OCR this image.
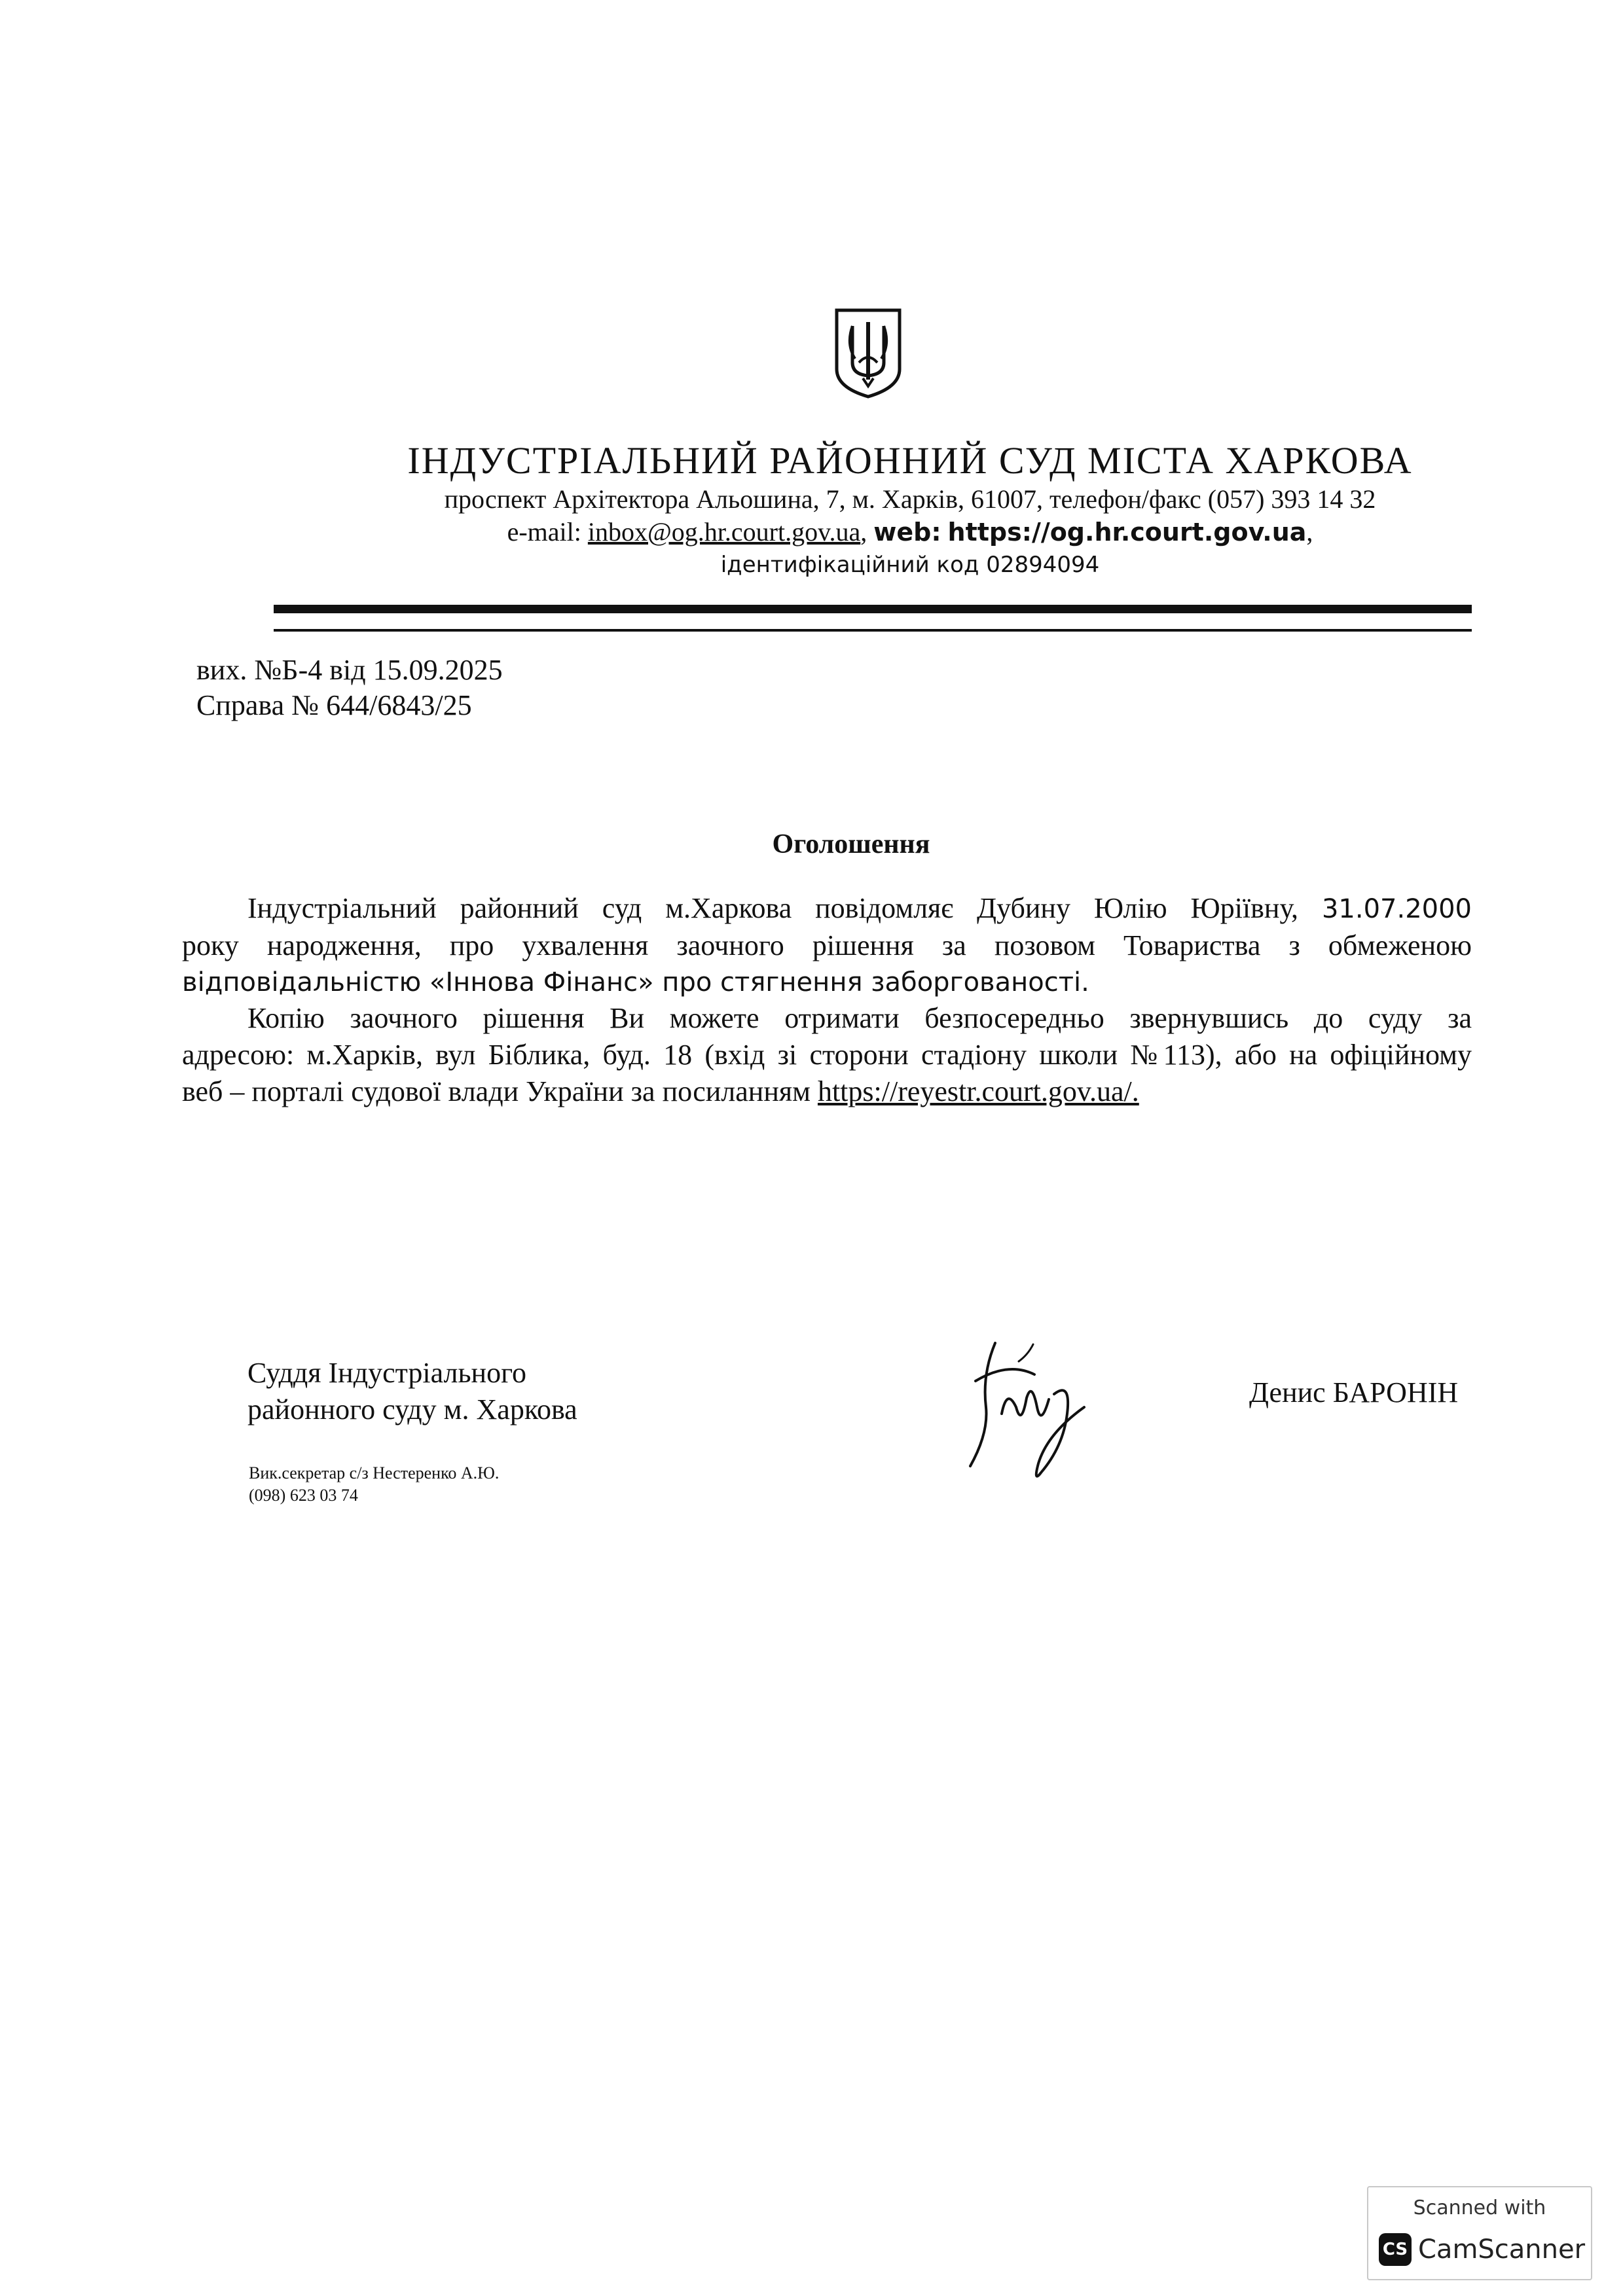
ІНДУСТРІАЛЬНИЙ РАЙОННИЙ СУД МІСТА ХАРКОВА
проспект Архітектора Альошина, 7, м. Харків, 61007, телефон/факс (057) 393 14 32
e-mail: inbox@og.hr.court.gov.ua, web: https://og.hr.court.gov.ua,
ідентифікаційний код 02894094
вих. №Б-4 від 15.09.2025
Справа № 644/6843/25
Оголошення
Індустріальний районний суд м.Харкова повідомляє Дубину Юлію Юріївну, 31.07.2000
року народження, про ухвалення заочного рішення за позовом Товариства з обмеженою
відповідальністю «Іннова Фінанс» про стягнення заборгованості.
Копію заочного рішення Ви можете отримати безпосередньо звернувшись до суду за
адресою: м.Харків, вул Біблика, буд. 18 (вхід зі сторони стадіону школи №113), або на офіційному
веб – порталі судової влади України за посиланням https://reyestr.court.gov.ua/.
Суддя Індустріального
районного суду м. Харкова
Денис БАРОНІН
Вик.секретар с/з Нестеренко А.Ю.
(098) 623 03 74
Scanned with
CS CamScanner
